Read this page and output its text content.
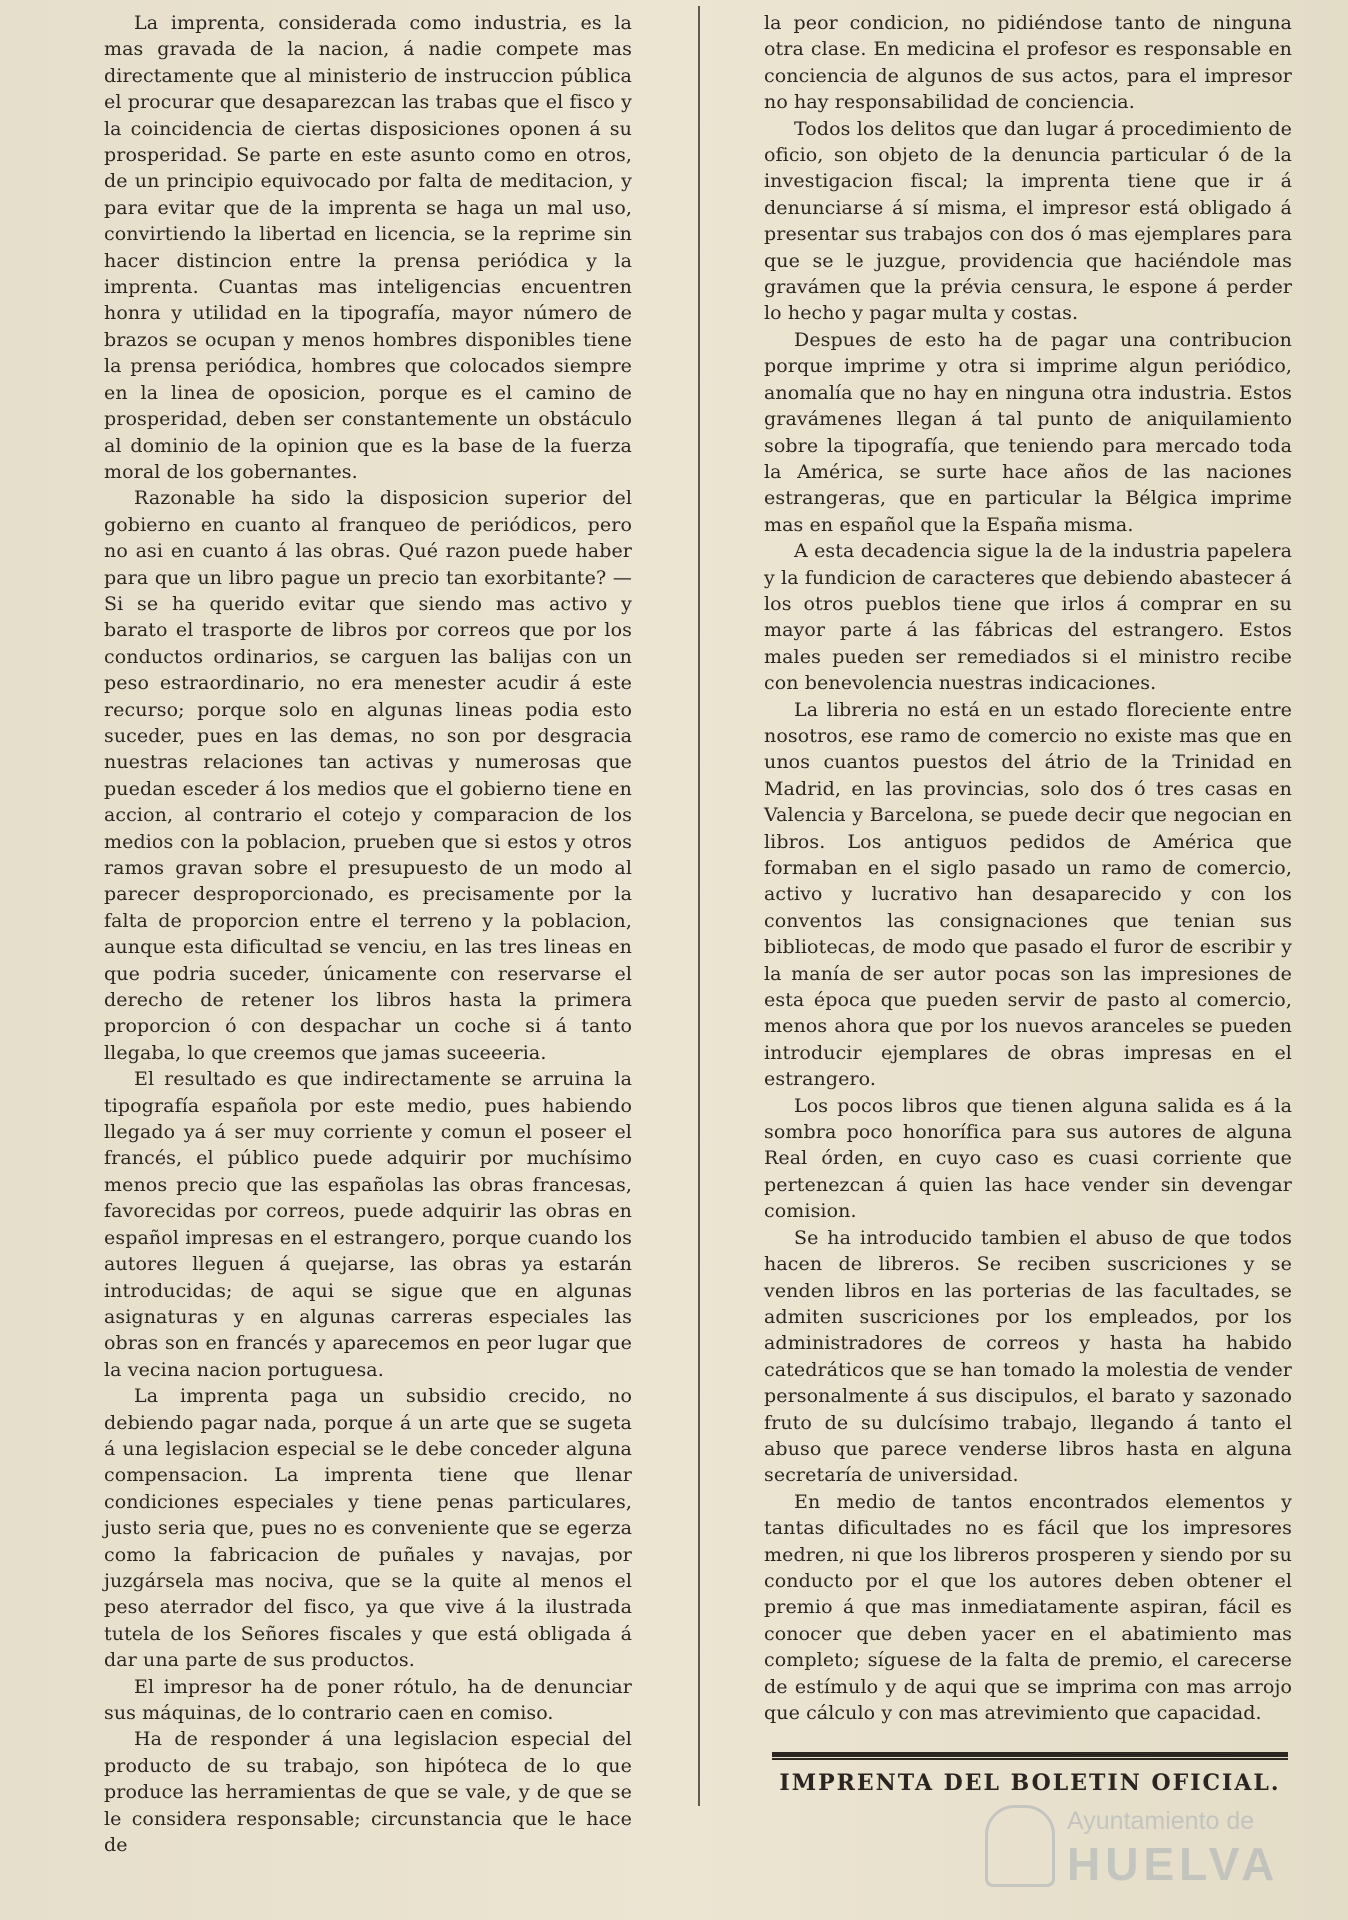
La imprenta, considerada como industria, es la mas gravada de la nacion, á nadie compete mas directamente que al ministerio de instruccion pública el procurar que desaparezcan las trabas que el fisco y la coincidencia de ciertas disposiciones oponen á su prosperidad. Se parte en este asunto como en otros, de un principio equivocado por falta de meditacion, y para evitar que de la imprenta se haga un mal uso, convirtiendo la libertad en licencia, se la reprime sin hacer distincion entre la prensa periódica y la imprenta. Cuantas mas inteligencias encuentren honra y utilidad en la tipografía, mayor número de brazos se ocupan y menos hombres disponibles tiene la prensa periódica, hombres que colocados siempre en la linea de oposicion, porque es el camino de prosperidad, deben ser constantemente un obstáculo al dominio de la opinion que es la base de la fuerza moral de los gobernantes.

Razonable ha sido la disposicion superior del gobierno en cuanto al franqueo de periódicos, pero no asi en cuanto á las obras. Qué razon puede haber para que un libro pague un precio tan exorbitante? —Si se ha querido evitar que siendo mas activo y barato el trasporte de libros por correos que por los conductos ordinarios, se carguen las balijas con un peso estraordinario, no era menester acudir á este recurso; porque solo en algunas lineas podia esto suceder, pues en las demas, no son por desgracia nuestras relaciones tan activas y numerosas que puedan esceder á los medios que el gobierno tiene en accion, al contrario el cotejo y comparacion de los medios con la poblacion, prueben que si estos y otros ramos gravan sobre el presupuesto de un modo al parecer desproporcionado, es precisamente por la falta de proporcion entre el terreno y la poblacion, aunque esta dificultad se venciu, en las tres lineas en que podria suceder, únicamente con reservarse el derecho de retener los libros hasta la primera proporcion ó con despachar un coche si á tanto llegaba, lo que creemos que jamas suceeeria.

El resultado es que indirectamente se arruina la tipografía española por este medio, pues habiendo llegado ya á ser muy corriente y comun el poseer el francés, el público puede adquirir por muchísimo menos precio que las españolas las obras francesas, favorecidas por correos, puede adquirir las obras en español impresas en el estrangero, porque cuando los autores lleguen á quejarse, las obras ya estarán introducidas; de aqui se sigue que en algunas asignaturas y en algunas carreras especiales las obras son en francés y aparecemos en peor lugar que la vecina nacion portuguesa.

La imprenta paga un subsidio crecido, no debiendo pagar nada, porque á un arte que se sugeta á una legislacion especial se le debe conceder alguna compensacion. La imprenta tiene que llenar condiciones especiales y tiene penas particulares, justo seria que, pues no es conveniente que se egerza como la fabricacion de puñales y navajas, por juzgársela mas nociva, que se la quite al menos el peso aterrador del fisco, ya que vive á la ilustrada tutela de los Señores fiscales y que está obligada á dar una parte de sus productos.

El impresor ha de poner rótulo, ha de denunciar sus máquinas, de lo contrario caen en comiso.

Ha de responder á una legislacion especial del producto de su trabajo, son hipóteca de lo que produce las herramientas de que se vale, y de que se le considera responsable; circunstancia que le hace de

la peor condicion, no pidiéndose tanto de ninguna otra clase. En medicina el profesor es responsable en conciencia de algunos de sus actos, para el impresor no hay responsabilidad de conciencia.

Todos los delitos que dan lugar á procedimiento de oficio, son objeto de la denuncia particular ó de la investigacion fiscal; la imprenta tiene que ir á denunciarse á sí misma, el impresor está obligado á presentar sus trabajos con dos ó mas ejemplares para que se le juzgue, providencia que haciéndole mas gravámen que la prévia censura, le espone á perder lo hecho y pagar multa y costas.

Despues de esto ha de pagar una contribucion porque imprime y otra si imprime algun periódico, anomalía que no hay en ninguna otra industria. Estos gravámenes llegan á tal punto de aniquilamiento sobre la tipografía, que teniendo para mercado toda la América, se surte hace años de las naciones estrangeras, que en particular la Bélgica imprime mas en español que la España misma.

A esta decadencia sigue la de la industria papelera y la fundicion de caracteres que debiendo abastecer á los otros pueblos tiene que irlos á comprar en su mayor parte á las fábricas del estrangero. Estos males pueden ser remediados si el ministro recibe con benevolencia nuestras indicaciones.

La libreria no está en un estado floreciente entre nosotros, ese ramo de comercio no existe mas que en unos cuantos puestos del átrio de la Trinidad en Madrid, en las provincias, solo dos ó tres casas en Valencia y Barcelona, se puede decir que negocian en libros. Los antiguos pedidos de América que formaban en el siglo pasado un ramo de comercio, activo y lucrativo han desaparecido y con los conventos las consignaciones que tenian sus bibliotecas, de modo que pasado el furor de escribir y la manía de ser autor pocas son las impresiones de esta época que pueden servir de pasto al comercio, menos ahora que por los nuevos aranceles se pueden introducir ejemplares de obras impresas en el estrangero.

Los pocos libros que tienen alguna salida es á la sombra poco honorífica para sus autores de alguna Real órden, en cuyo caso es cuasi corriente que pertenezcan á quien las hace vender sin devengar comision.

Se ha introducido tambien el abuso de que todos hacen de libreros. Se reciben suscriciones y se venden libros en las porterias de las facultades, se admiten suscriciones por los empleados, por los administradores de correos y hasta ha habido catedráticos que se han tomado la molestia de vender personalmente á sus discipulos, el barato y sazonado fruto de su dulcísimo trabajo, llegando á tanto el abuso que parece venderse libros hasta en alguna secretaría de universidad.

En medio de tantos encontrados elementos y tantas dificultades no es fácil que los impresores medren, ni que los libreros prosperen y siendo por su conducto por el que los autores deben obtener el premio á que mas inmediatamente aspiran, fácil es conocer que deben yacer en el abatimiento mas completo; síguese de la falta de premio, el carecerse de estímulo y de aqui que se imprima con mas arrojo que cálculo y con mas atrevimiento que capacidad.

IMPRENTA DEL BOLETIN OFICIAL.
Ayuntamiento de
HUELVA
